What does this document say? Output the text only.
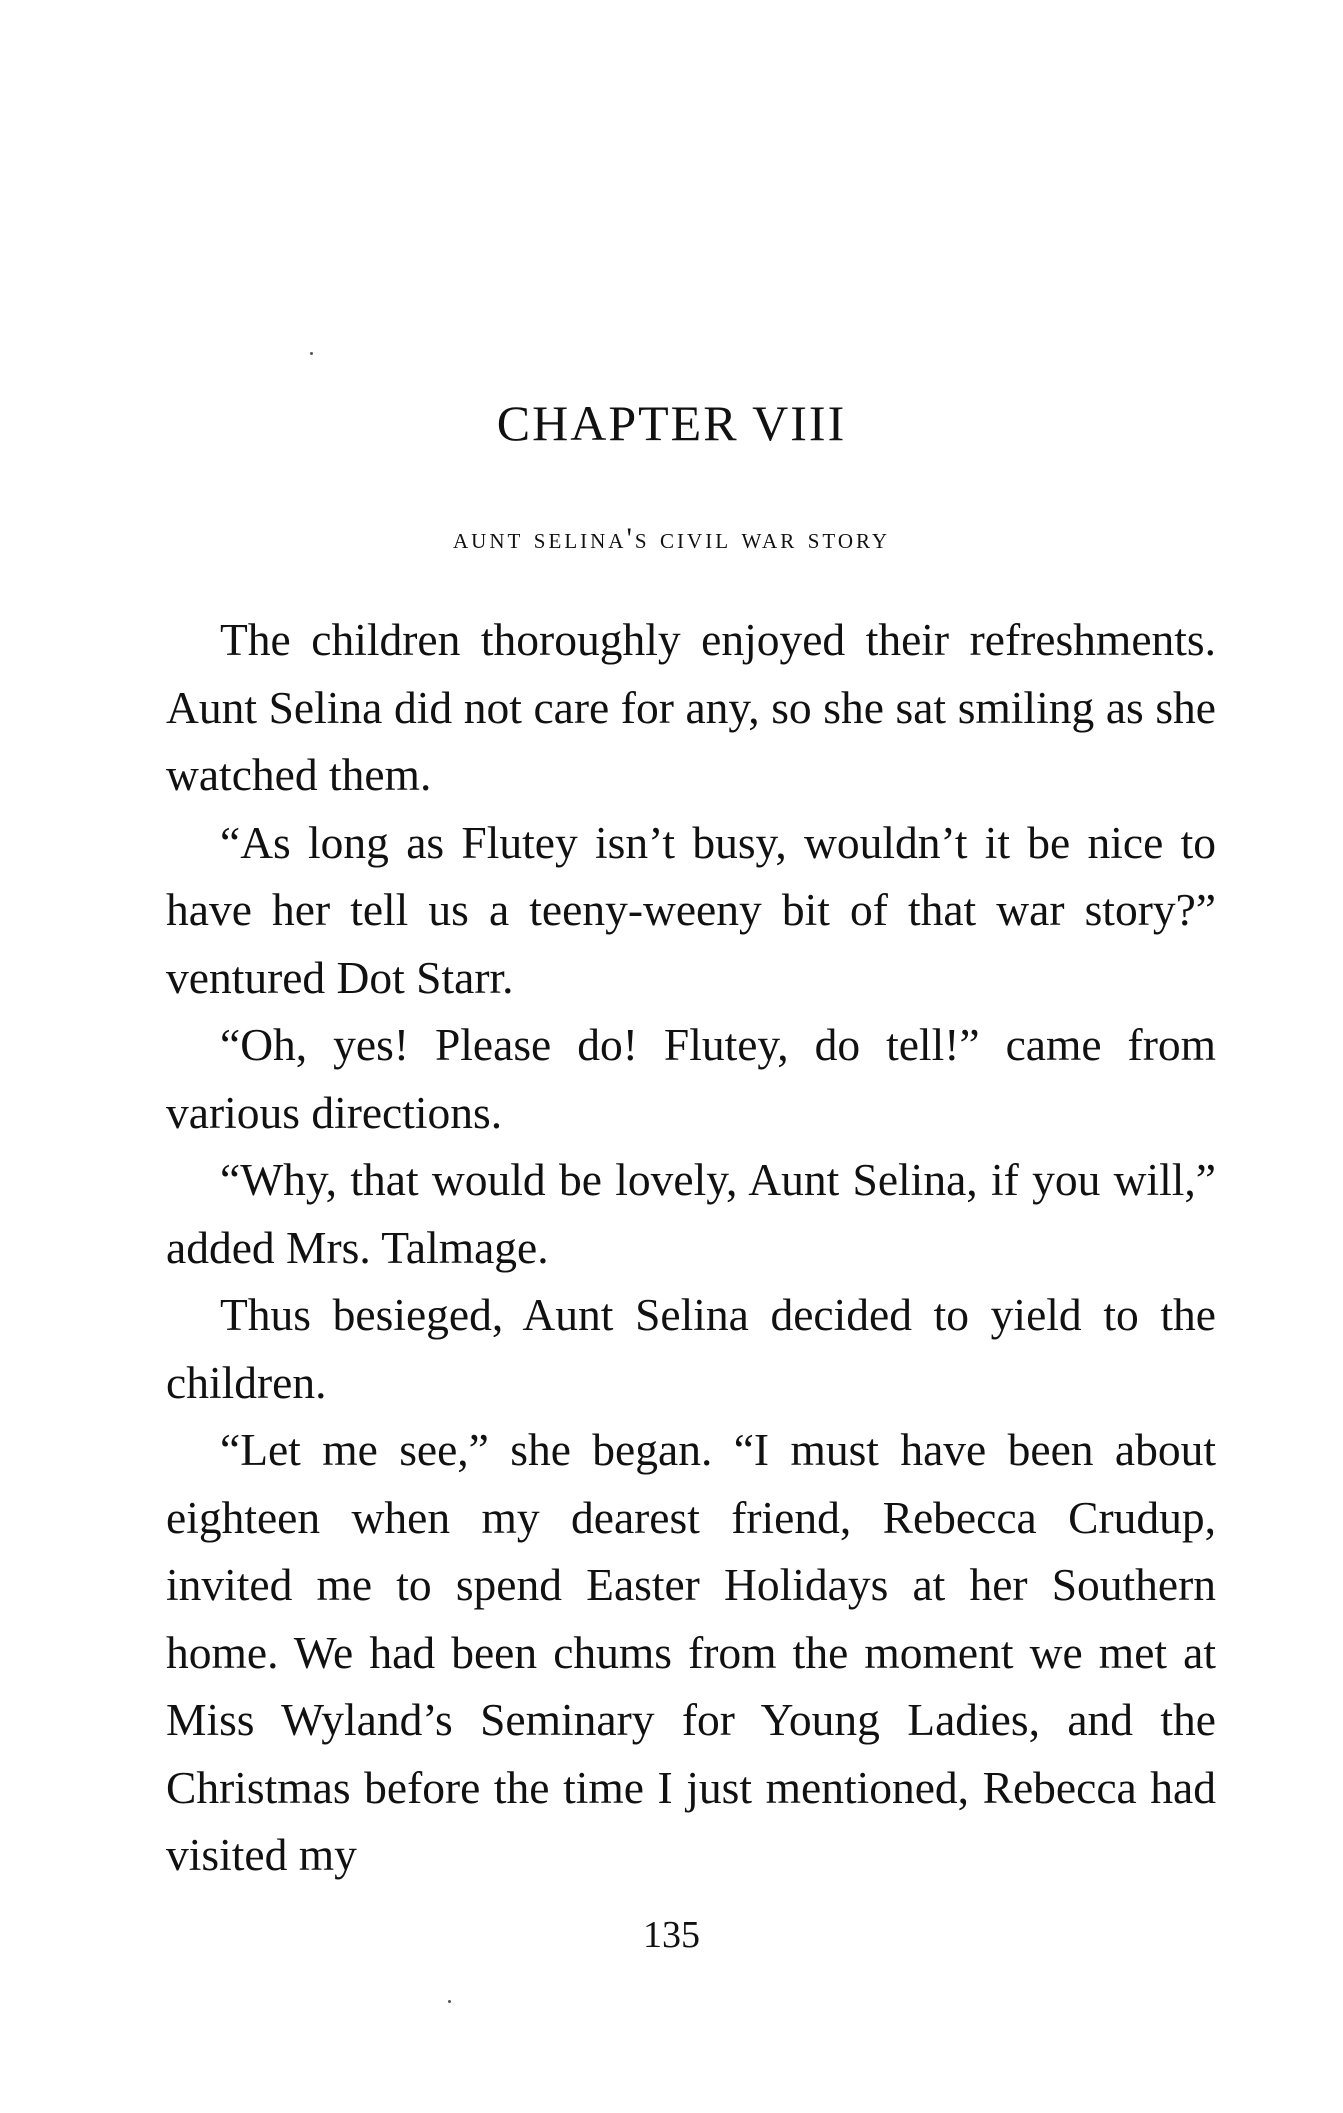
CHAPTER VIII
aunt selina's civil war story

The children thoroughly enjoyed their refreshments. Aunt Selina did not care for any, so she sat smiling as she watched them.

“As long as Flutey isn’t busy, wouldn’t it be nice to have her tell us a teeny-weeny bit of that war story?” ventured Dot Starr.

“Oh, yes! Please do! Flutey, do tell!” came from various directions.

“Why, that would be lovely, Aunt Selina, if you will,” added Mrs. Talmage.

Thus besieged, Aunt Selina decided to yield to the children.

“Let me see,” she began. “I must have been about eighteen when my dearest friend, Rebecca Crudup, invited me to spend Easter Holidays at her Southern home. We had been chums from the moment we met at Miss Wyland’s Seminary for Young Ladies, and the Christmas before the time I just mentioned, Rebecca had visited my

135
